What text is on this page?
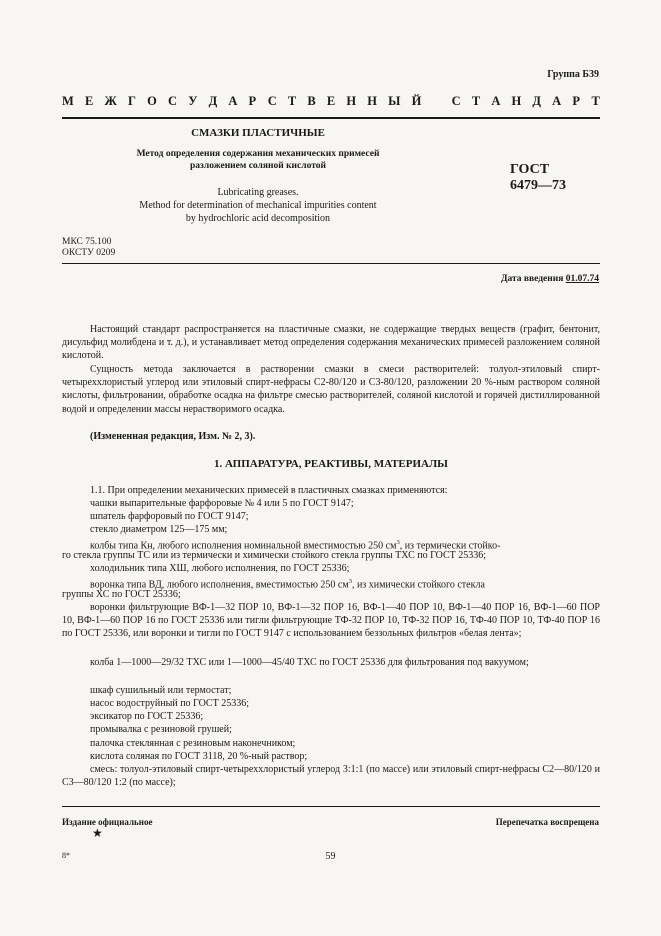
Группа Б39
М Е Ж Г О С У Д А Р С Т В Е Н Н Ы Й С Т А Н Д А Р Т
СМАЗКИ ПЛАСТИЧНЫЕ
Метод определения содержания механических примесей
разложением соляной кислотой
Lubricating greases.
Method for determination of mechanical impurities content
by hydrochloric acid decomposition
ГОСТ
6479—73
МКС 75.100
ОКСТУ 0209
Дата введения 01.07.74
Настоящий стандарт распространяется на пластичные смазки, не содержащие твердых веществ (графит, бентонит, дисульфид молибдена и т. д.), и устанавливает метод определения содержания механических примесей разложением соляной кислотой.
Сущность метода заключается в растворении смазки в смеси растворителей: толуол-этиловый спирт-четыреххлористый углерод или этиловый спирт-нефрасы С2-80/120 и С3-80/120, разложении 20 %-ным раствором соляной кислоты, фильтровании, обработке осадка на фильтре смесью растворителей, соляной кислотой и горячей дистиллированной водой и определении массы нерастворимого осадка.
(Измененная редакция, Изм. № 2, 3).
1. АППАРАТУРА, РЕАКТИВЫ, МАТЕРИАЛЫ
1.1. При определении механических примесей в пластичных смазках применяются:
чашки выпарительные фарфоровые № 4 или 5 по ГОСТ 9147;
шпатель фарфоровый по ГОСТ 9147;
стекло диаметром 125—175 мм;
колбы типа Кн, любого исполнения номинальной вместимостью 250 $см^3$, из термически стойко-
го стекла группы ТС или из термически и химически стойкого стекла группы ТХС по ГОСТ 25336;
холодильник типа ХШ, любого исполнения, по ГОСТ 25336;
воронка типа ВД, любого исполнения, вместимостью 250 $см^3$, из химически стойкого стекла
группы ХС по ГОСТ 25336;
воронки фильтрующие ВФ-1—32 ПОР 10, ВФ-1—32 ПОР 16, ВФ-1—40 ПОР 10, ВФ-1—40 ПОР 16, ВФ-1—60 ПОР 10, ВФ-1—60 ПОР 16 по ГОСТ 25336 или тигли фильтрующие ТФ-32 ПОР 10, ТФ-32 ПОР 16, ТФ-40 ПОР 10, ТФ-40 ПОР 16 по ГОСТ 25336, или воронки и тигли по ГОСТ 9147 с использованием беззольных фильтров «белая лента»;
колба 1—1000—29/32 ТХС или 1—1000—45/40 ТХС по ГОСТ 25336 для фильтрования под вакуумом;
шкаф сушильный или термостат;
насос водоструйный по ГОСТ 25336;
эксикатор по ГОСТ 25336;
промывалка с резиновой грушей;
палочка стеклянная с резиновым наконечником;
кислота соляная по ГОСТ 3118, 20 %-ный раствор;
смесь: толуол-этиловый спирт-четыреххлористый углерод 3:1:1 (по массе) или этиловый спирт-нефрасы С2—80/120 и С3—80/120 1:2 (по массе);
Издание официальное	Перепечатка воспрещена
★
8*	59
